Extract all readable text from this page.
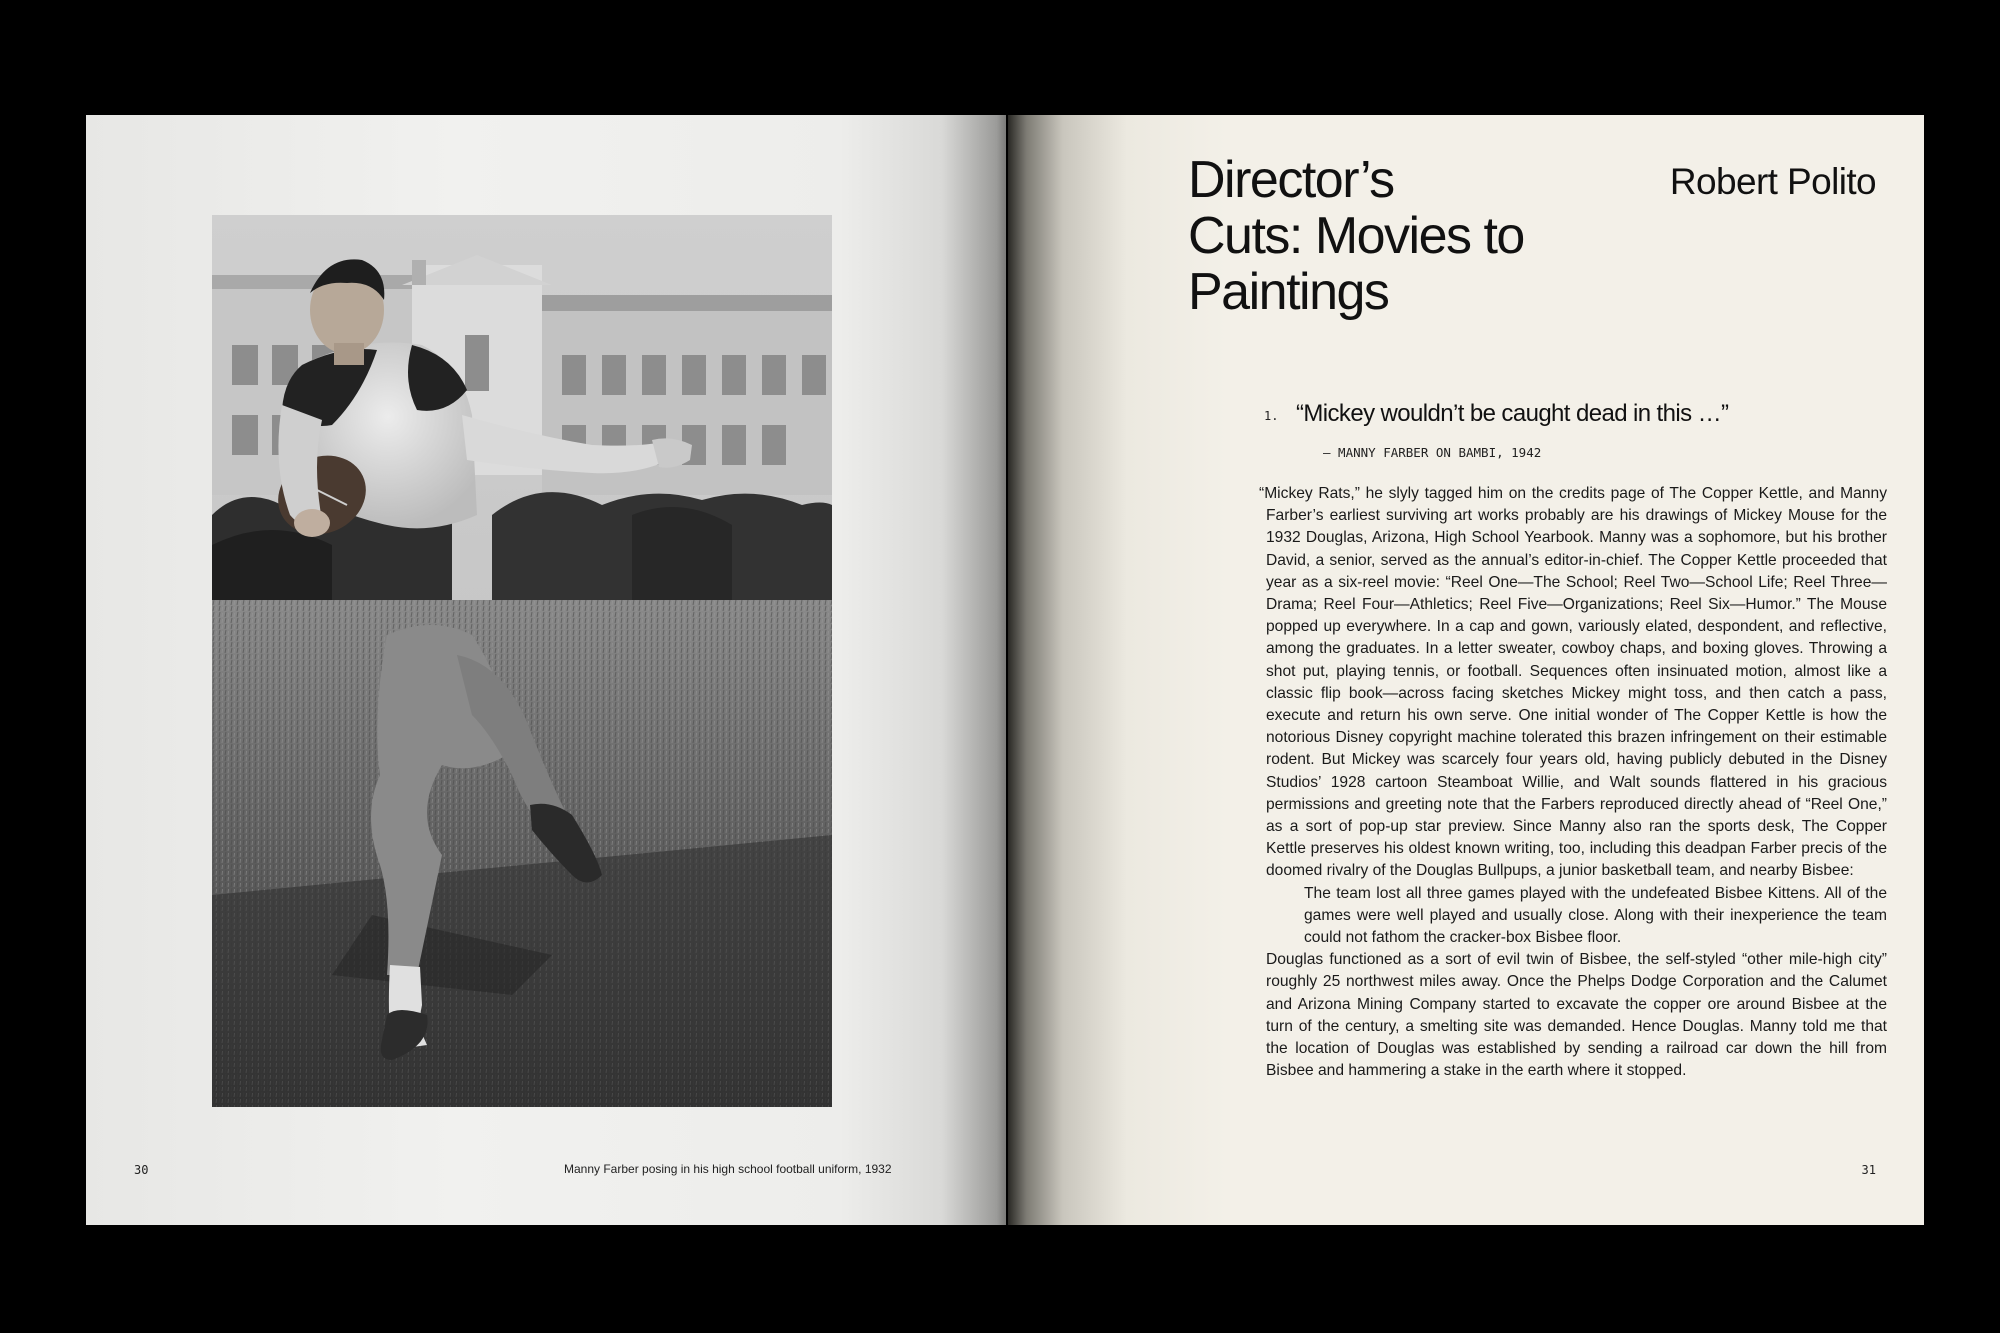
30	Manny Farber posing in his high school football uniform, 1932
Director’s
Cuts: Movies to
Paintings
Robert Polito
1. “Mickey wouldn’t be caught dead in this …”
— MANNY FARBER ON BAMBI, 1942

“Mickey Rats,” he slyly tagged him on the credits page of The Copper Kettle, and Manny Farber’s earliest surviving art works probably are his drawings of Mickey Mouse for the 1932 Douglas, Arizona, High School Yearbook. Manny was a sophomore, but his brother David, a senior, served as the annual’s editor-in-chief. The Copper Kettle proceeded that year as a six-reel movie: “Reel One—The School; Reel Two—School Life; Reel Three—Drama; Reel Four—Athletics; Reel Five—Organizations; Reel Six—Humor.” The Mouse popped up everywhere. In a cap and gown, variously elated, despondent, and reflective, among the graduates. In a letter sweater, cowboy chaps, and boxing gloves. Throwing a shot put, playing tennis, or football. Sequences often insinuated motion, almost like a classic flip book—across facing sketches Mickey might toss, and then catch a pass, execute and return his own serve. One initial wonder of The Copper Kettle is how the notorious Disney copyright machine tolerated this brazen infringement on their estimable rodent. But Mickey was scarcely four years old, having publicly debuted in the Disney Studios’ 1928 cartoon Steamboat Willie, and Walt sounds flattered in his gracious permissions and greeting note that the Farbers reproduced directly ahead of “Reel One,” as a sort of pop-up star preview. Since Manny also ran the sports desk, The Copper Kettle preserves his oldest known writing, too, including this deadpan Farber precis of the doomed rivalry of the Douglas Bullpups, a junior basketball team, and nearby Bisbee:

The team lost all three games played with the undefeated Bisbee Kittens. All of the games were well played and usually close. Along with their inexperience the team could not fathom the cracker-box Bisbee floor.

Douglas functioned as a sort of evil twin of Bisbee, the self-styled “other mile-high city” roughly 25 northwest miles away. Once the Phelps Dodge Corporation and the Calumet and Arizona Mining Company started to excavate the copper ore around Bisbee at the turn of the century, a smelting site was demanded. Hence Douglas. Manny told me that the location of Douglas was established by sending a railroad car down the hill from Bisbee and hammering a stake in the earth where it stopped.

31
